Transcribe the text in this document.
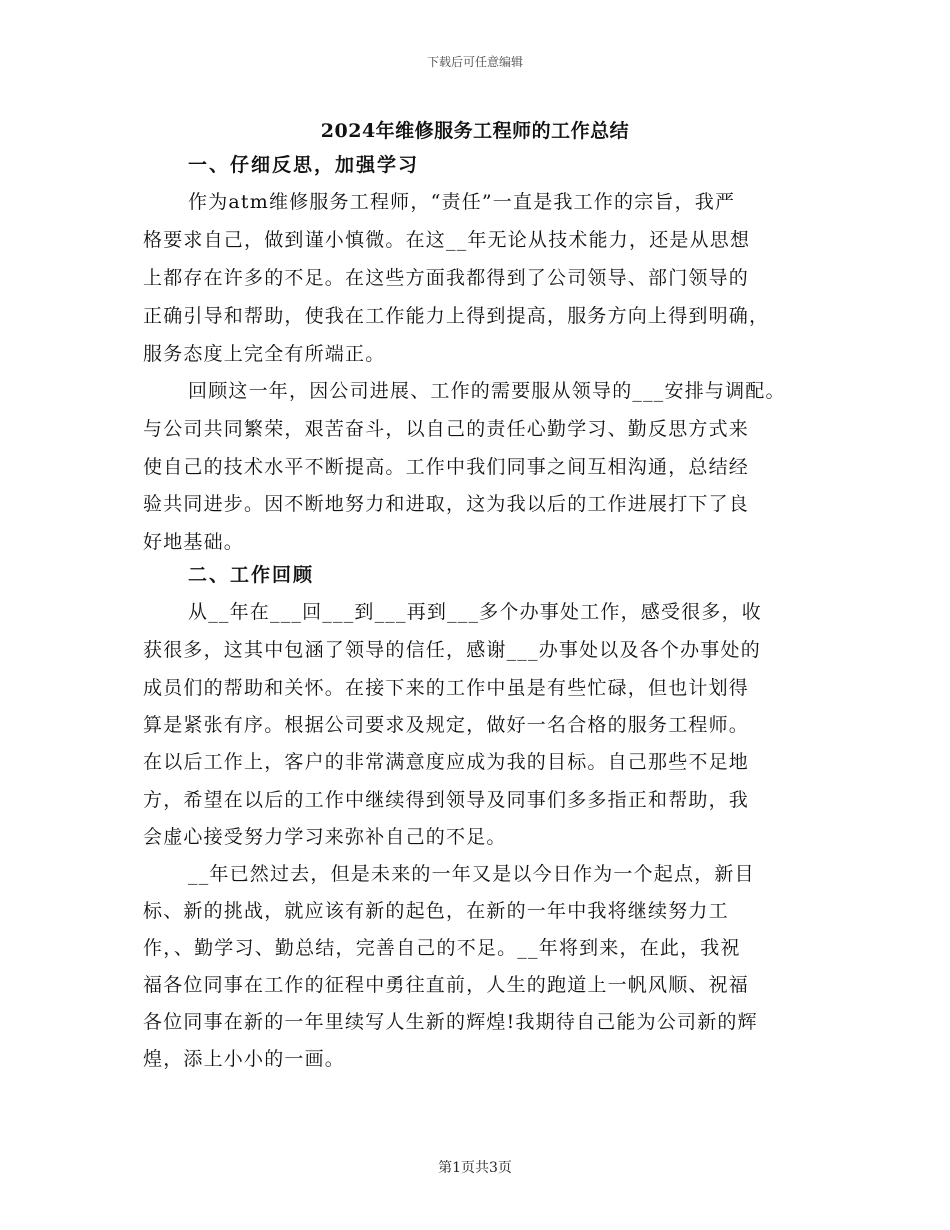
下载后可任意编辑
2024年维修服务工程师的工作总结
一、仔细反思，加强学习
作为atm维修服务工程师，“责任”一直是我工作的宗旨，我严
格要求自己，做到谨小慎微。在这__年无论从技术能力，还是从思想
上都存在许多的不足。在这些方面我都得到了公司领导、部门领导的
正确引导和帮助，使我在工作能力上得到提高，服务方向上得到明确，
服务态度上完全有所端正。
回顾这一年，因公司进展、工作的需要服从领导的___安排与调配。
与公司共同繁荣，艰苦奋斗，以自己的责任心勤学习、勤反思方式来
使自己的技术水平不断提高。工作中我们同事之间互相沟通，总结经
验共同进步。因不断地努力和进取，这为我以后的工作进展打下了良
好地基础。
二、工作回顾
从__年在___回___到___再到___多个办事处工作，感受很多，收
获很多，这其中包涵了领导的信任，感谢___办事处以及各个办事处的
成员们的帮助和关怀。在接下来的工作中虽是有些忙碌，但也计划得
算是紧张有序。根据公司要求及规定，做好一名合格的服务工程师。
在以后工作上，客户的非常满意度应成为我的目标。自己那些不足地
方，希望在以后的工作中继续得到领导及同事们多多指正和帮助，我
会虚心接受努力学习来弥补自己的不足。
__年已然过去，但是未来的一年又是以今日作为一个起点，新目
标、新的挑战，就应该有新的起色，在新的一年中我将继续努力工
作，、勤学习、勤总结，完善自己的不足。__年将到来，在此，我祝
福各位同事在工作的征程中勇往直前，人生的跑道上一帆风顺、祝福
各位同事在新的一年里续写人生新的辉煌!我期待自己能为公司新的辉
煌，添上小小的一画。
第1页共3页
